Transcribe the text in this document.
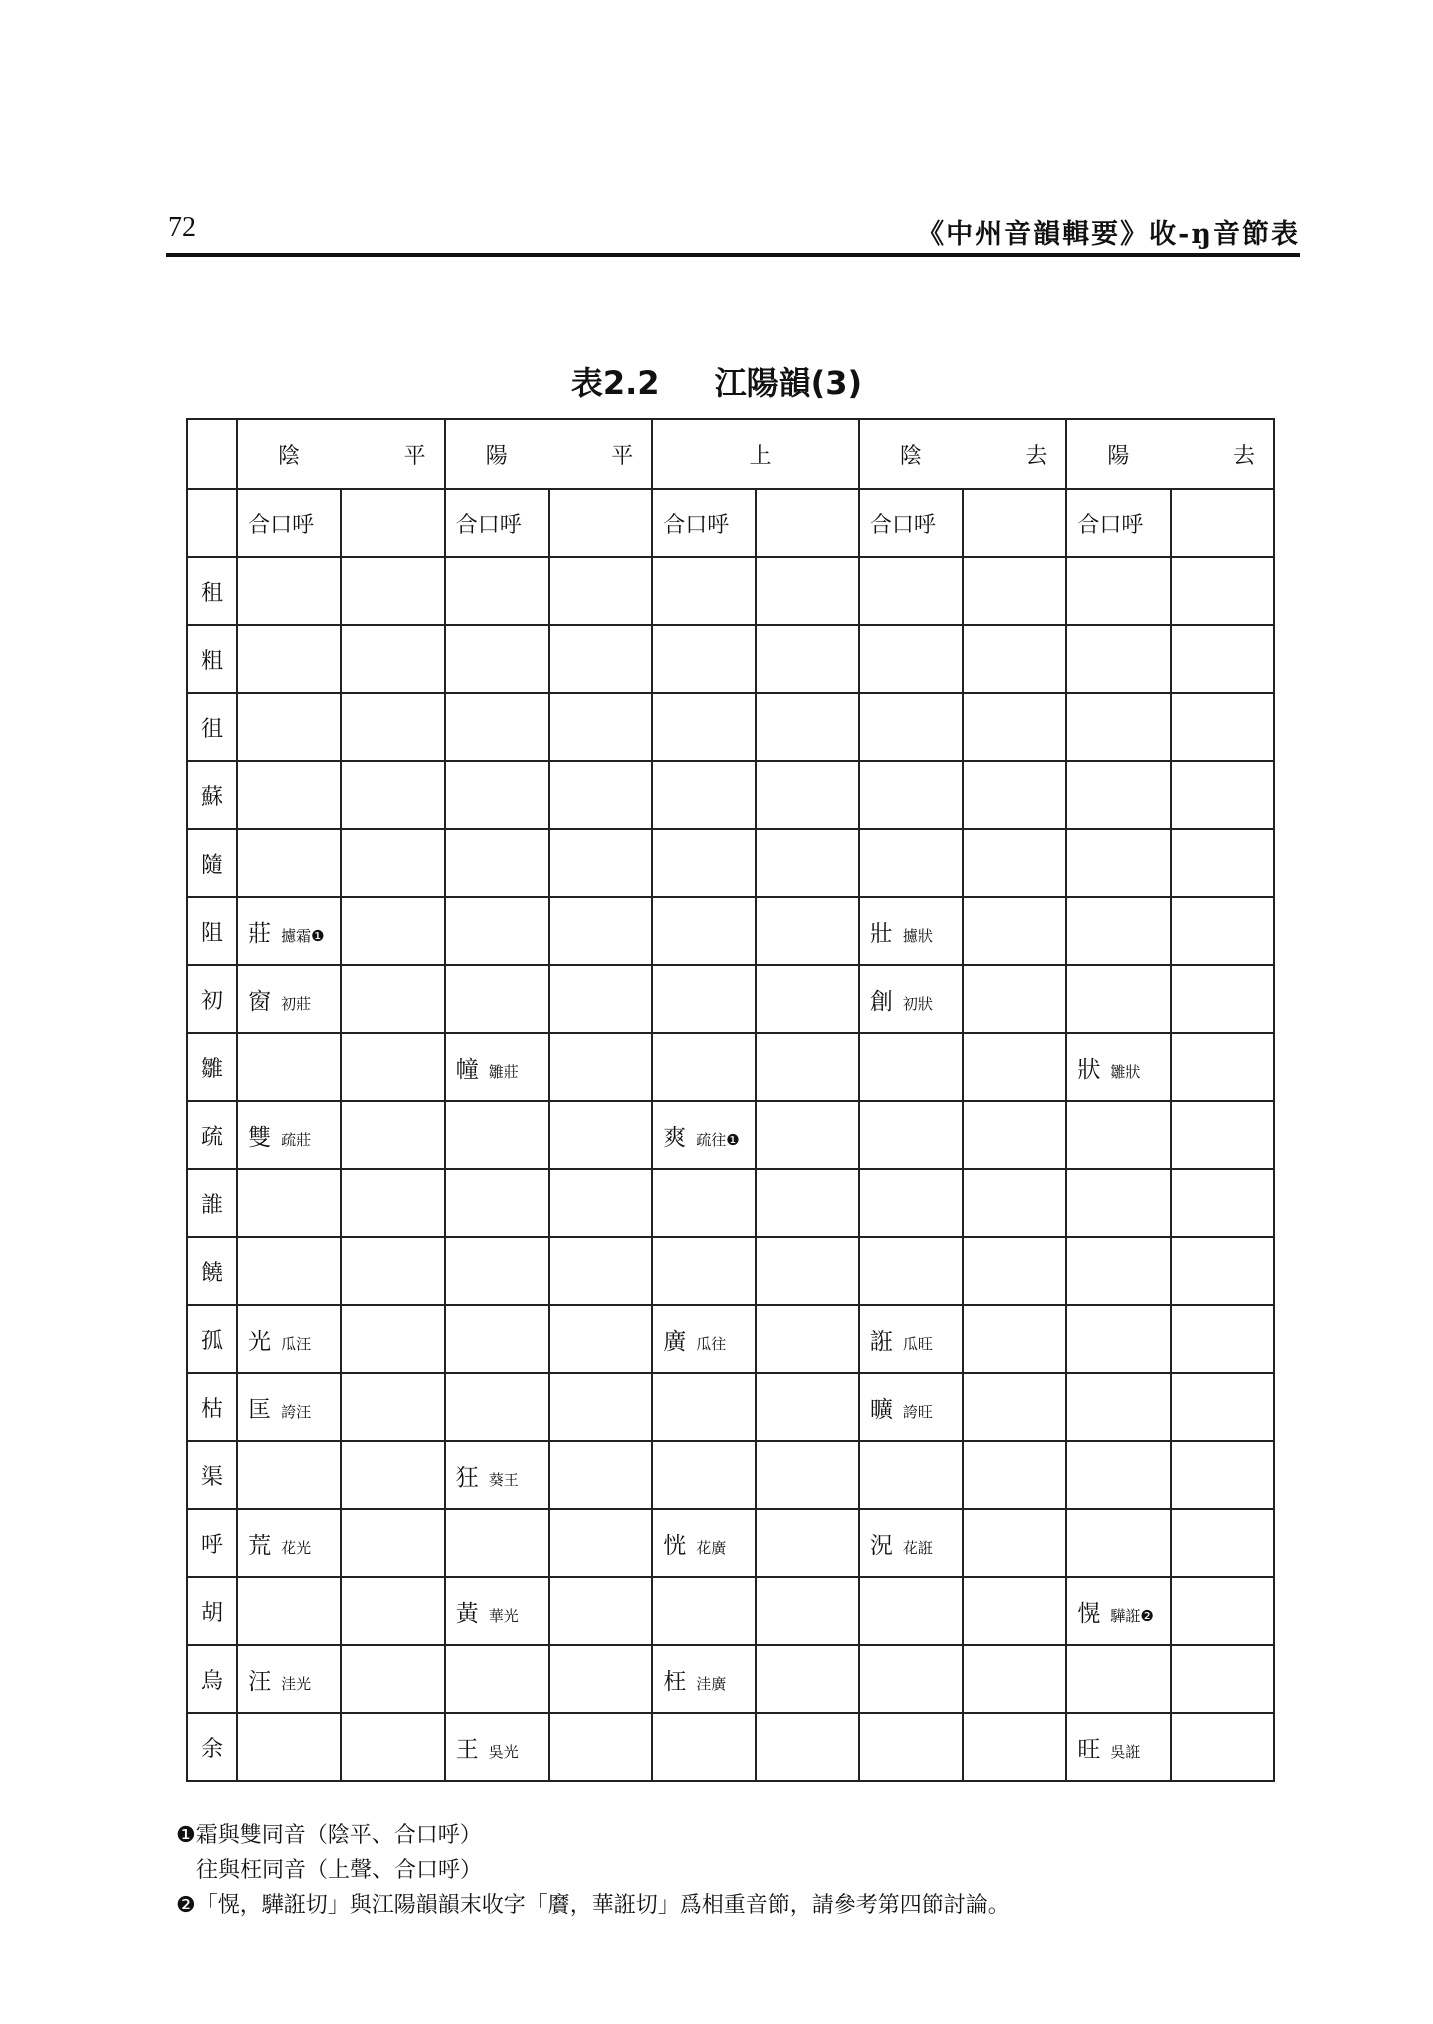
72	《中州音韻輯要》收-ŋ音節表
表2.2 江陽韻(3)

	陰 平		陽 平		上		陰 去		陽 去	

	合口呼		合口呼		合口呼		合口呼		合口呼	
租										
粗										
徂										
蘇										
隨										
阻	莊 攄霜❶						壯 攄狀			
初	窗 初莊						創 初狀			
雛			幢 雛莊						狀 雛狀	
疏	雙 疏莊				爽 疏往❶					
誰										
饒										
孤	光 瓜汪				廣 瓜往		誑 瓜旺			
枯	匡 誇汪						曠 誇旺			
渠			狂 葵王							
呼	荒 花光				恍 花廣		況 花誑			
胡			黃 華光						愰 驊誑❷	
烏	汪 洼光				枉 洼廣					
余			王 吳光						旺 吳誑	
❶霜與雙同音（陰平、合口呼）
往與枉同音（上聲、合口呼）
❷「愰，驊誑切」與江陽韻韻末收字「黂，華誑切」爲相重音節，請參考第四節討論。
